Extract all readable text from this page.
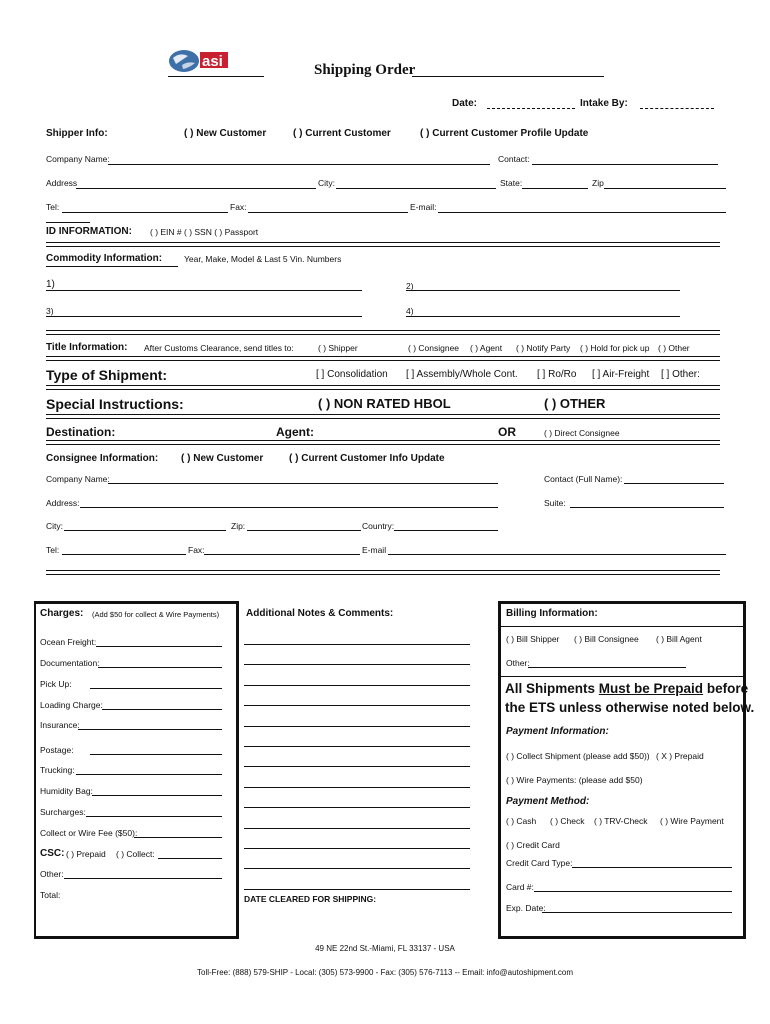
asi	Shipping Order
Date:	Intake By:
Shipper Info:	( ) New Customer	( ) Current Customer	( ) Current Customer Profile Update
Company Name:	Contact:
Address	City:	State:	Zip
Tel:	Fax:	E-mail:
ID INFORMATION: ( ) EIN # ( ) SSN ( ) Passport
Commodity Information:	Year, Make, Model & Last 5 Vin. Numbers
1)	2)
3)	4)
Title Information: After Customs Clearance, send titles to:	( ) Shipper	( ) Consignee ( ) Agent ( ) Notify Party ( ) Hold for pick up ( ) Other
Type of Shipment:	[ ] Consolidation [ ] Assembly/Whole Cont. [ ] Ro/Ro [ ] Air-Freight [ ] Other:
Special Instructions:	( ) NON RATED HBOL	( ) OTHER
Destination:	Agent:	OR	( ) Direct Consignee
Consignee Information: ( ) New Customer	( ) Current Customer Info Update
Company Name:	Contact (Full Name):
Address:	Suite:
City:	Zip:	Country:
Tel:	Fax:	E-mail
Charges: (Add $50 for collect & Wire Payments)
Ocean Freight:
Documentation:
Pick Up:
Loading Charge:
Insurance:
Postage:
Trucking:
Humidity Bag:
Surcharges:
Collect or Wire Fee ($50):
CSC: ( ) Prepaid ( ) Collect:
Other:
Total:
Additional Notes & Comments:
DATE CLEARED FOR SHIPPING:
Billing Information:
( ) Bill Shipper ( ) Bill Consignee ( ) Bill Agent
Other:
All Shipments Must be Prepaid before
the ETS unless otherwise noted below.
Payment Information:
( ) Collect Shipment (please add $50)) ( X ) Prepaid
( ) Wire Payments: (please add $50)
Payment Method:
( ) Cash ( ) Check ( ) TRV-Check ( ) Wire Payment
( ) Credit Card
Credit Card Type:
Card #:
Exp. Date:
49 NE 22nd St.-Miami, FL 33137 - USA
Toll-Free: (888) 579-SHIP - Local: (305) 573-9900 - Fax: (305) 576-7113 -- Email: info@autoshipment.com
